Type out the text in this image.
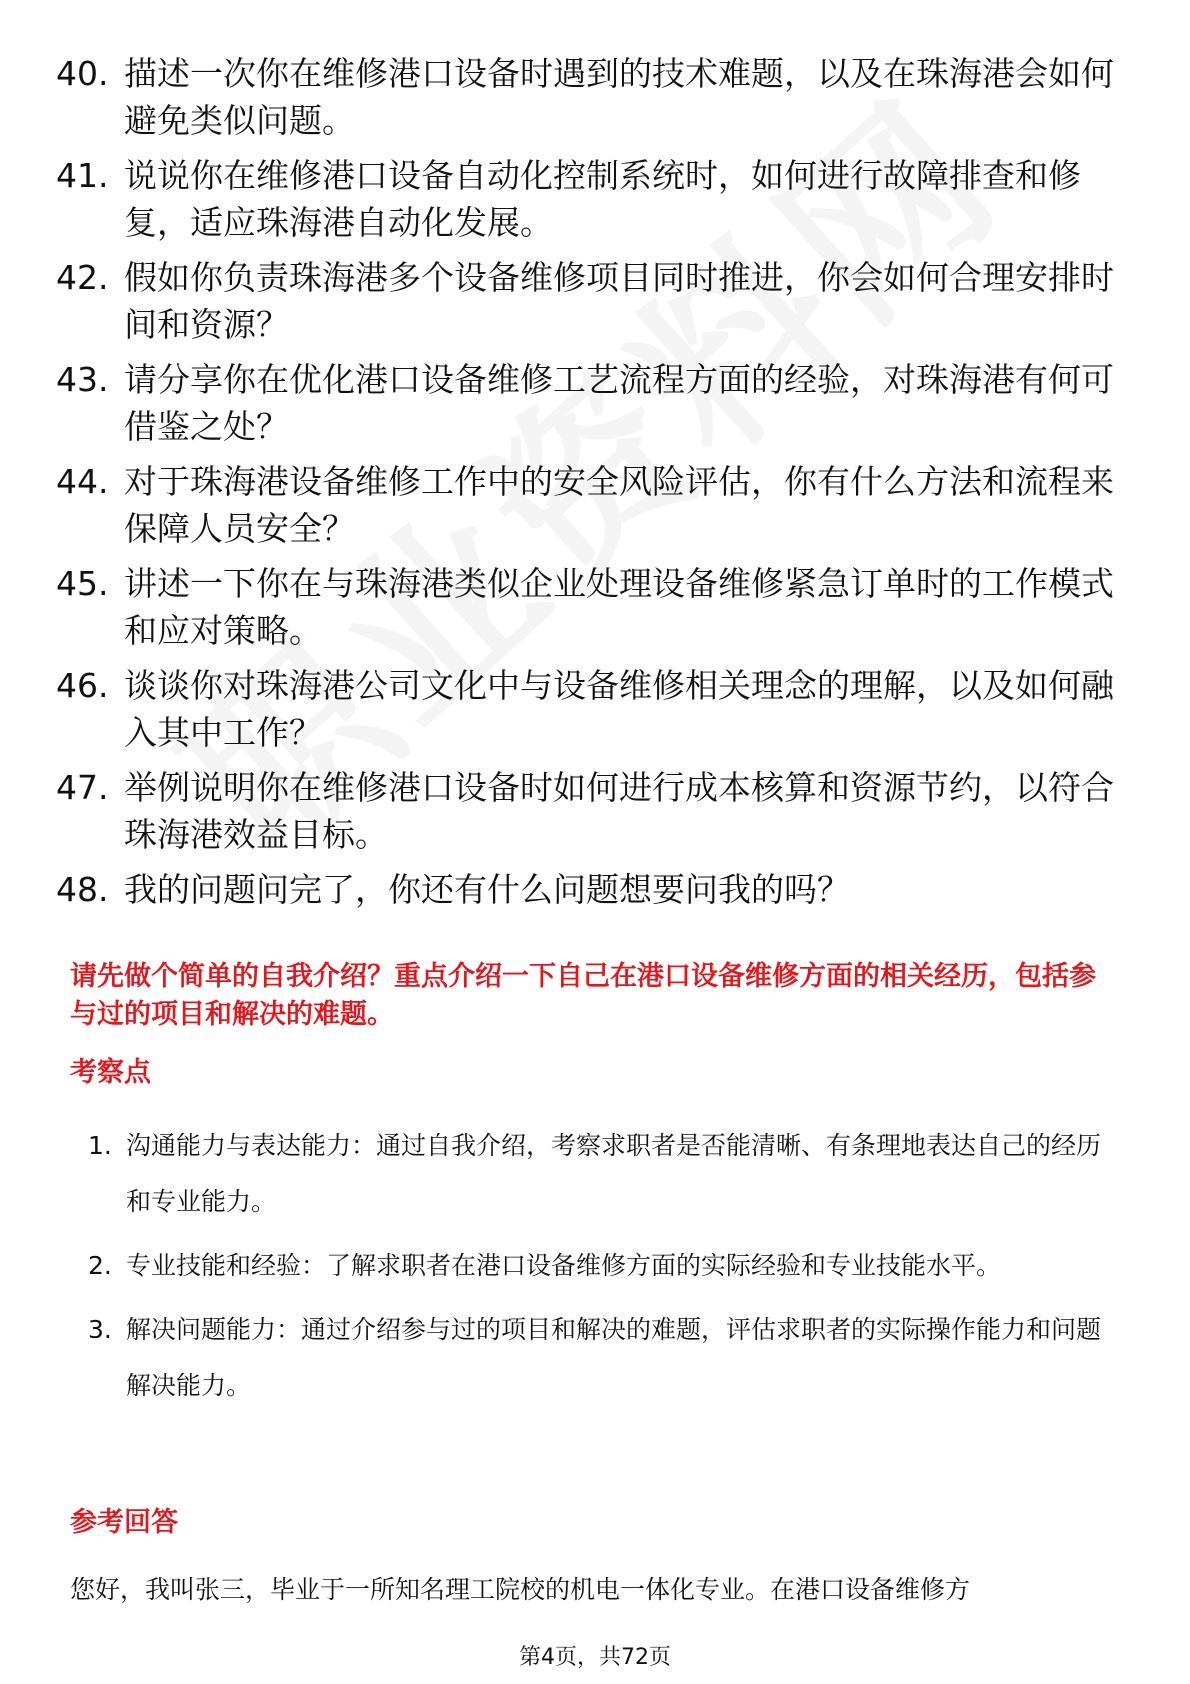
40. 描述一次你在维修港口设备时遇到的技术难题，以及在珠海港会如何避免类似问题。
41. 说说你在维修港口设备自动化控制系统时，如何进行故障排查和修复，适应珠海港自动化发展。
42. 假如你负责珠海港多个设备维修项目同时推进，你会如何合理安排时间和资源？
43. 请分享你在优化港口设备维修工艺流程方面的经验，对珠海港有何可借鉴之处？
44. 对于珠海港设备维修工作中的安全风险评估，你有什么方法和流程来保障人员安全？
45. 讲述一下你在与珠海港类似企业处理设备维修紧急订单时的工作模式和应对策略。
46. 谈谈你对珠海港公司文化中与设备维修相关理念的理解，以及如何融入其中工作？
47. 举例说明你在维修港口设备时如何进行成本核算和资源节约，以符合珠海港效益目标。
48. 我的问题问完了，你还有什么问题想要问我的吗？

请先做个简单的自我介绍？重点介绍一下自己在港口设备维修方面的相关经历，包括参与过的项目和解决的难题。

考察点

1. 沟通能力与表达能力：通过自我介绍，考察求职者是否能清晰、有条理地表达自己的经历和专业能力。
2. 专业技能和经验：了解求职者在港口设备维修方面的实际经验和专业技能水平。
3. 解决问题能力：通过介绍参与过的项目和解决的难题，评估求职者的实际操作能力和问题解决能力。

参考回答

您好，我叫张三，毕业于一所知名理工院校的机电一体化专业。在港口设备维修方

第4页，共72页
